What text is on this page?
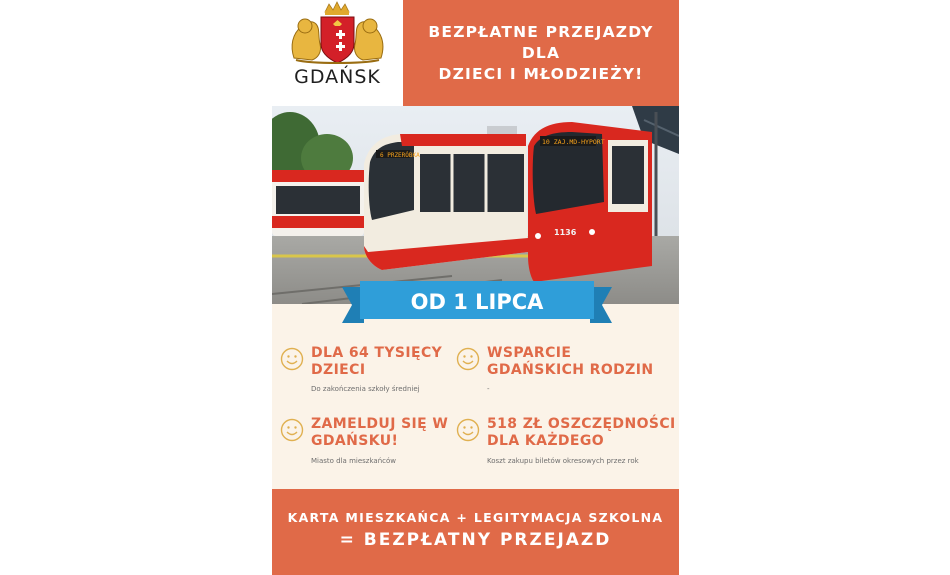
GDAŃSK
BEZPŁATNE PRZEJAZDY
DLA
DZIECI I MŁODZIEŻY!
6 PRZERÓBKA
10 ZAJ.MD-HYPORT
1136
OD 1 LIPCA
DLA 64 TYSIĘCY DZIECI
Do zakończenia szkoły średniej
WSPARCIE GDAŃSKICH RODZIN
-
ZAMELDUJ SIĘ W GDAŃSKU!
Miasto dla mieszkańców
518 ZŁ OSZCZĘDNOŚCI DLA KAŻDEGO
Koszt zakupu biletów okresowych przez rok
KARTA MIESZKAŃCA + LEGITYMACJA SZKOLNA
= BEZPŁATNY PRZEJAZD
